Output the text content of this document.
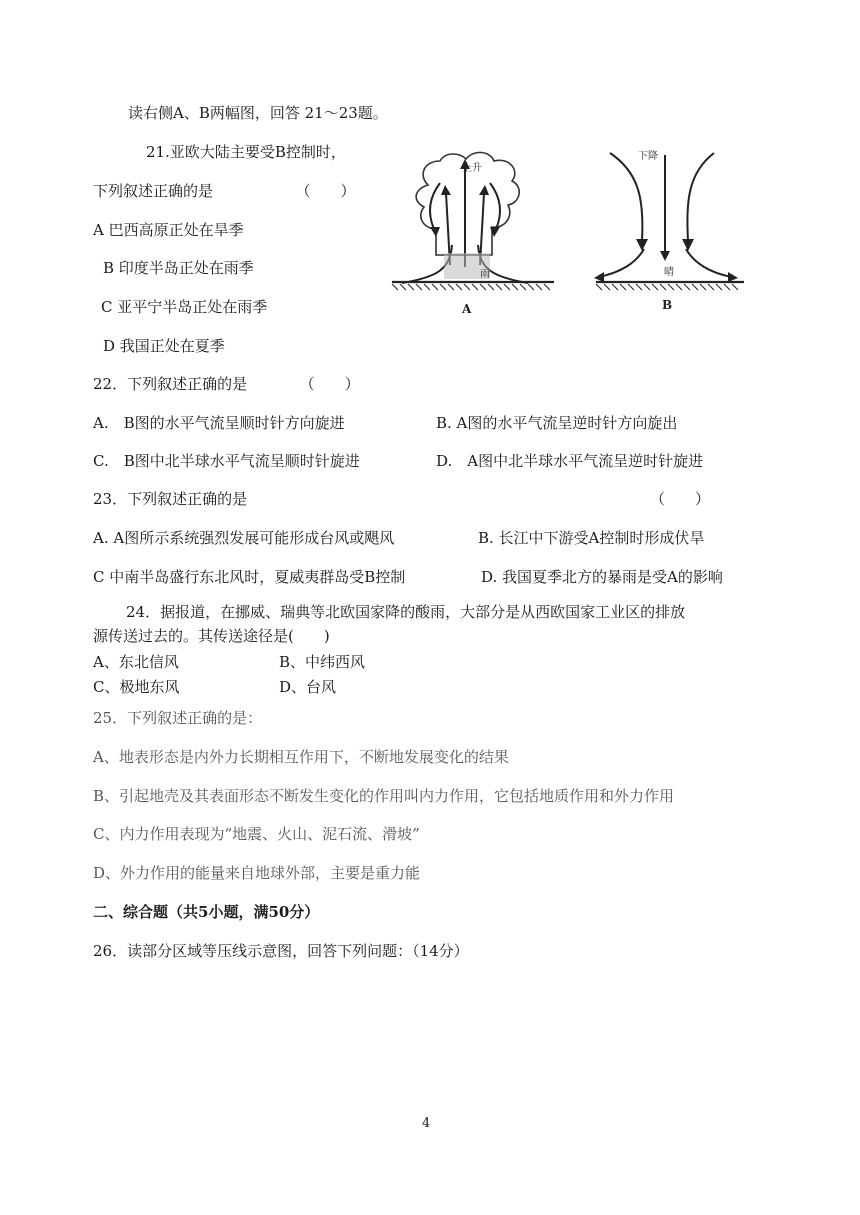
读右侧A、B两幅图，回答 21～23题。
21.亚欧大陆主要受B控制时，
下列叙述正确的是　　　　　　（　　）
A 巴西高原正处在旱季
B 印度半岛正处在雨季
C 亚平宁半岛正处在雨季
D 我国正处在夏季
上升
雨
A
下降
晴
B
22．下列叙述正确的是　　　　（　　）
A.　B图的水平气流呈顺时针方向旋进	B. A图的水平气流呈逆时针方向旋出
C.　B图中北半球水平气流呈顺时针旋进	D.　A图中北半球水平气流呈逆时针旋进
23．下列叙述正确的是	（　　）
A. A图所示系统强烈发展可能形成台风或飓风	B. 长江中下游受A控制时形成伏旱
C 中南半岛盛行东北风时，夏威夷群岛受B控制	D. 我国夏季北方的暴雨是受A的影响
24．据报道，在挪威、瑞典等北欧国家降的酸雨，大部分是从西欧国家工业区的排放
源传送过去的。其传送途径是(　　)
A、东北信风	B、中纬西风
C、极地东风	D、台风
25．下列叙述正确的是：
A、地表形态是内外力长期相互作用下，不断地发展变化的结果
B、引起地壳及其表面形态不断发生变化的作用叫内力作用，它包括地质作用和外力作用
C、内力作用表现为“地震、火山、泥石流、滑坡”
D、外力作用的能量来自地球外部，主要是重力能
二、综合题（共5小题，满50分）
26．读部分区域等压线示意图，回答下列问题：（14分）
4
